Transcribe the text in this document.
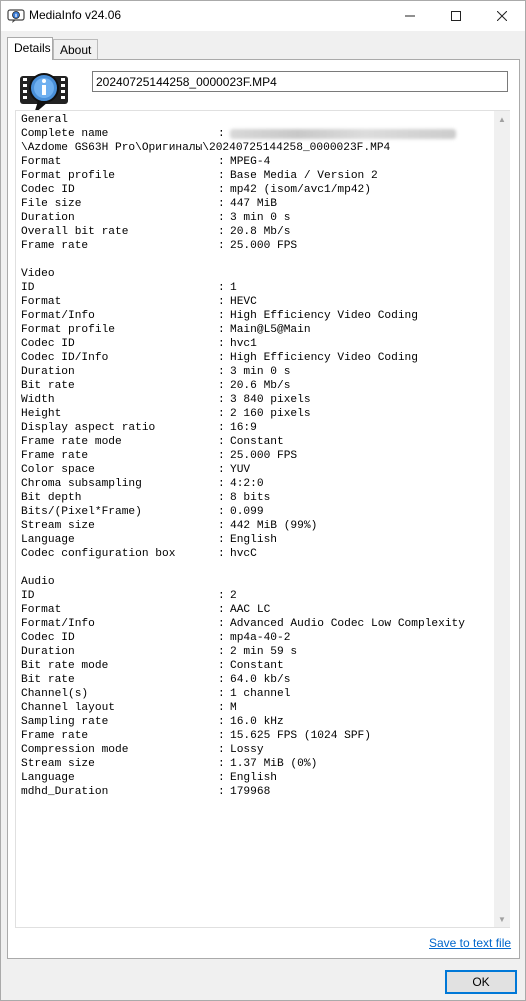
MediaInfo v24.06
Details About
20240725144258_0000023F.MP4
General
Complete name	:
\Azdome GS63H Pro\Оригиналы\20240725144258_0000023F.MP4
Format	: MPEG-4
Format profile	: Base Media / Version 2
Codec ID	: mp42 (isom/avc1/mp42)
File size	: 447 MiB
Duration	: 3 min 0 s
Overall bit rate	: 20.8 Mb/s
Frame rate	: 25.000 FPS
Video
ID	: 1
Format	: HEVC
Format/Info	: High Efficiency Video Coding
Format profile	: Main@L5@Main
Codec ID	: hvc1
Codec ID/Info	: High Efficiency Video Coding
Duration	: 3 min 0 s
Bit rate	: 20.6 Mb/s
Width	: 3 840 pixels
Height	: 2 160 pixels
Display aspect ratio	: 16:9
Frame rate mode	: Constant
Frame rate	: 25.000 FPS
Color space	: YUV
Chroma subsampling	: 4:2:0
Bit depth	: 8 bits
Bits/(Pixel*Frame)	: 0.099
Stream size	: 442 MiB (99%)
Language	: English
Codec configuration box	: hvcC
Audio
ID	: 2
Format	: AAC LC
Format/Info	: Advanced Audio Codec Low Complexity
Codec ID	: mp4a-40-2
Duration	: 2 min 59 s
Bit rate mode	: Constant
Bit rate	: 64.0 kb/s
Channel(s)	: 1 channel
Channel layout	: M
Sampling rate	: 16.0 kHz
Frame rate	: 15.625 FPS (1024 SPF)
Compression mode	: Lossy
Stream size	: 1.37 MiB (0%)
Language	: English
mdhd_Duration	: 179968
▲
▼
Save to text file
OK
